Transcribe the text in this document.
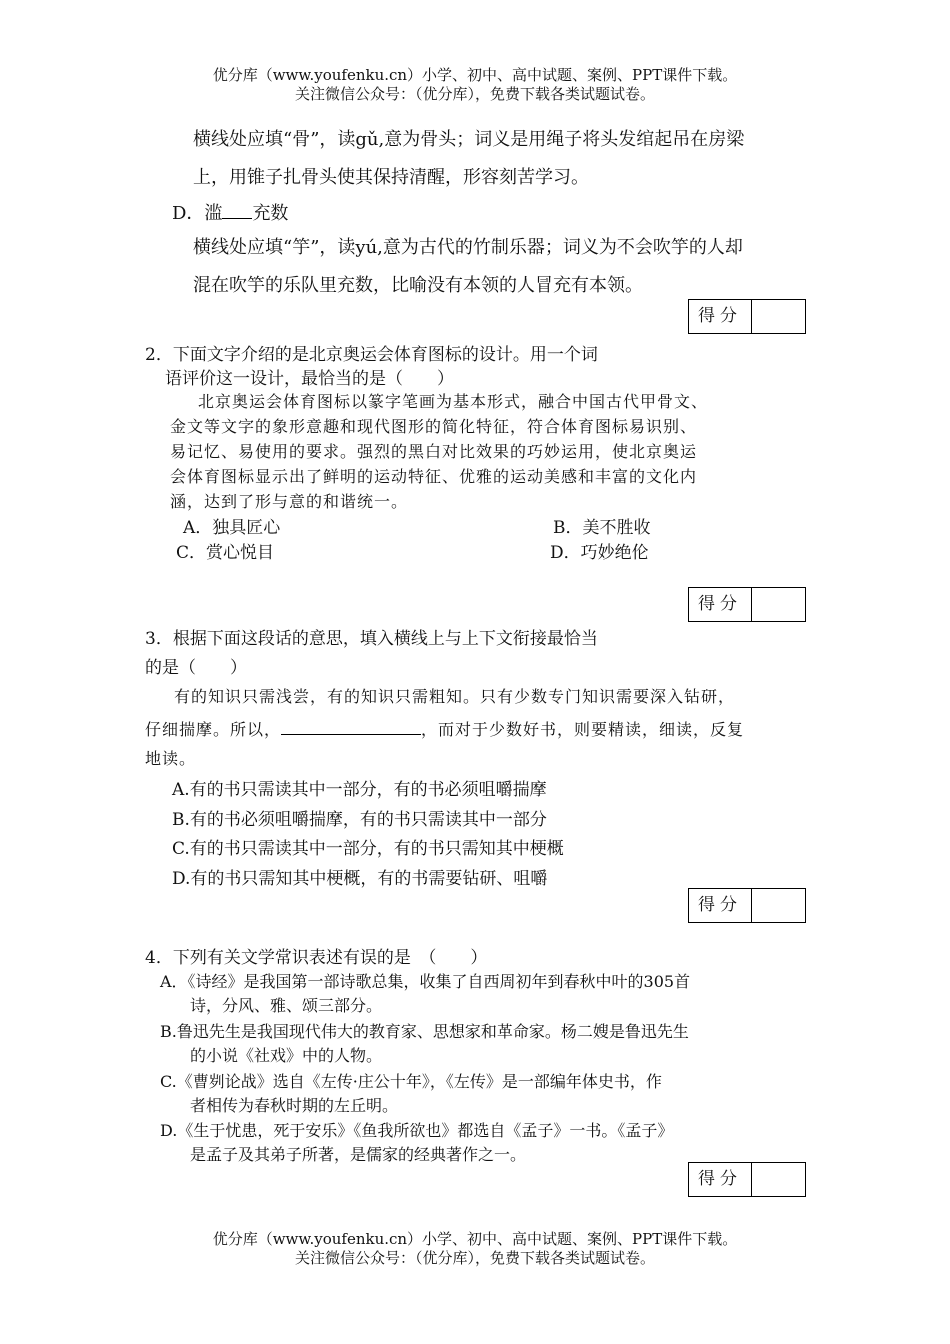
优分库（www.youfenku.cn）小学、初中、高中试题、案例、PPT课件下载。
关注微信公众号：（优分库），免费下载各类试题试卷。
横线处应填“骨”，读gǔ,意为骨头；词义是用绳子将头发绾起吊在房梁
上，用锥子扎骨头使其保持清醒，形容刻苦学习。
D．滥 充数
横线处应填“竽”，读yú,意为古代的竹制乐器；词义为不会吹竽的人却
混在吹竽的乐队里充数，比喻没有本领的人冒充有本领。
得分
2．下面文字介绍的是北京奥运会体育图标的设计。用一个词
语评价这一设计，最恰当的是（　　）
北京奥运会体育图标以篆字笔画为基本形式，融合中国古代甲骨文、
金文等文字的象形意趣和现代图形的简化特征，符合体育图标易识别、
易记忆、易使用的要求。强烈的黑白对比效果的巧妙运用，使北京奥运
会体育图标显示出了鲜明的运动特征、优雅的运动美感和丰富的文化内
涵，达到了形与意的和谐统一。
A．独具匠心	B．美不胜收
C．赏心悦目	D．巧妙绝伦
得分
3．根据下面这段话的意思，填入横线上与上下文衔接最恰当
的是（　　）
有的知识只需浅尝，有的知识只需粗知。只有少数专门知识需要深入钻研，
仔细揣摩。所以，	，而对于少数好书，则要精读，细读，反复
地读。
A.有的书只需读其中一部分，有的书必须咀嚼揣摩
B.有的书必须咀嚼揣摩，有的书只需读其中一部分
C.有的书只需读其中一部分，有的书只需知其中梗概
D.有的书只需知其中梗概，有的书需要钻研、咀嚼
得分
4．下列有关文学常识表述有误的是　（　　）
A．《诗经》是我国第一部诗歌总集，收集了自西周初年到春秋中叶的305首
诗，分风、雅、颂三部分。
B.鲁迅先生是我国现代伟大的教育家、思想家和革命家。杨二嫂是鲁迅先生
的小说《社戏》中的人物。
C.《曹刿论战》选自《左传·庄公十年》，《左传》是一部编年体史书，作
者相传为春秋时期的左丘明。
D.《生于忧患，死于安乐》《鱼我所欲也》都选自《孟子》一书。《孟子》
是孟子及其弟子所著，是儒家的经典著作之一。
得分
优分库（www.youfenku.cn）小学、初中、高中试题、案例、PPT课件下载。
关注微信公众号：（优分库），免费下载各类试题试卷。
